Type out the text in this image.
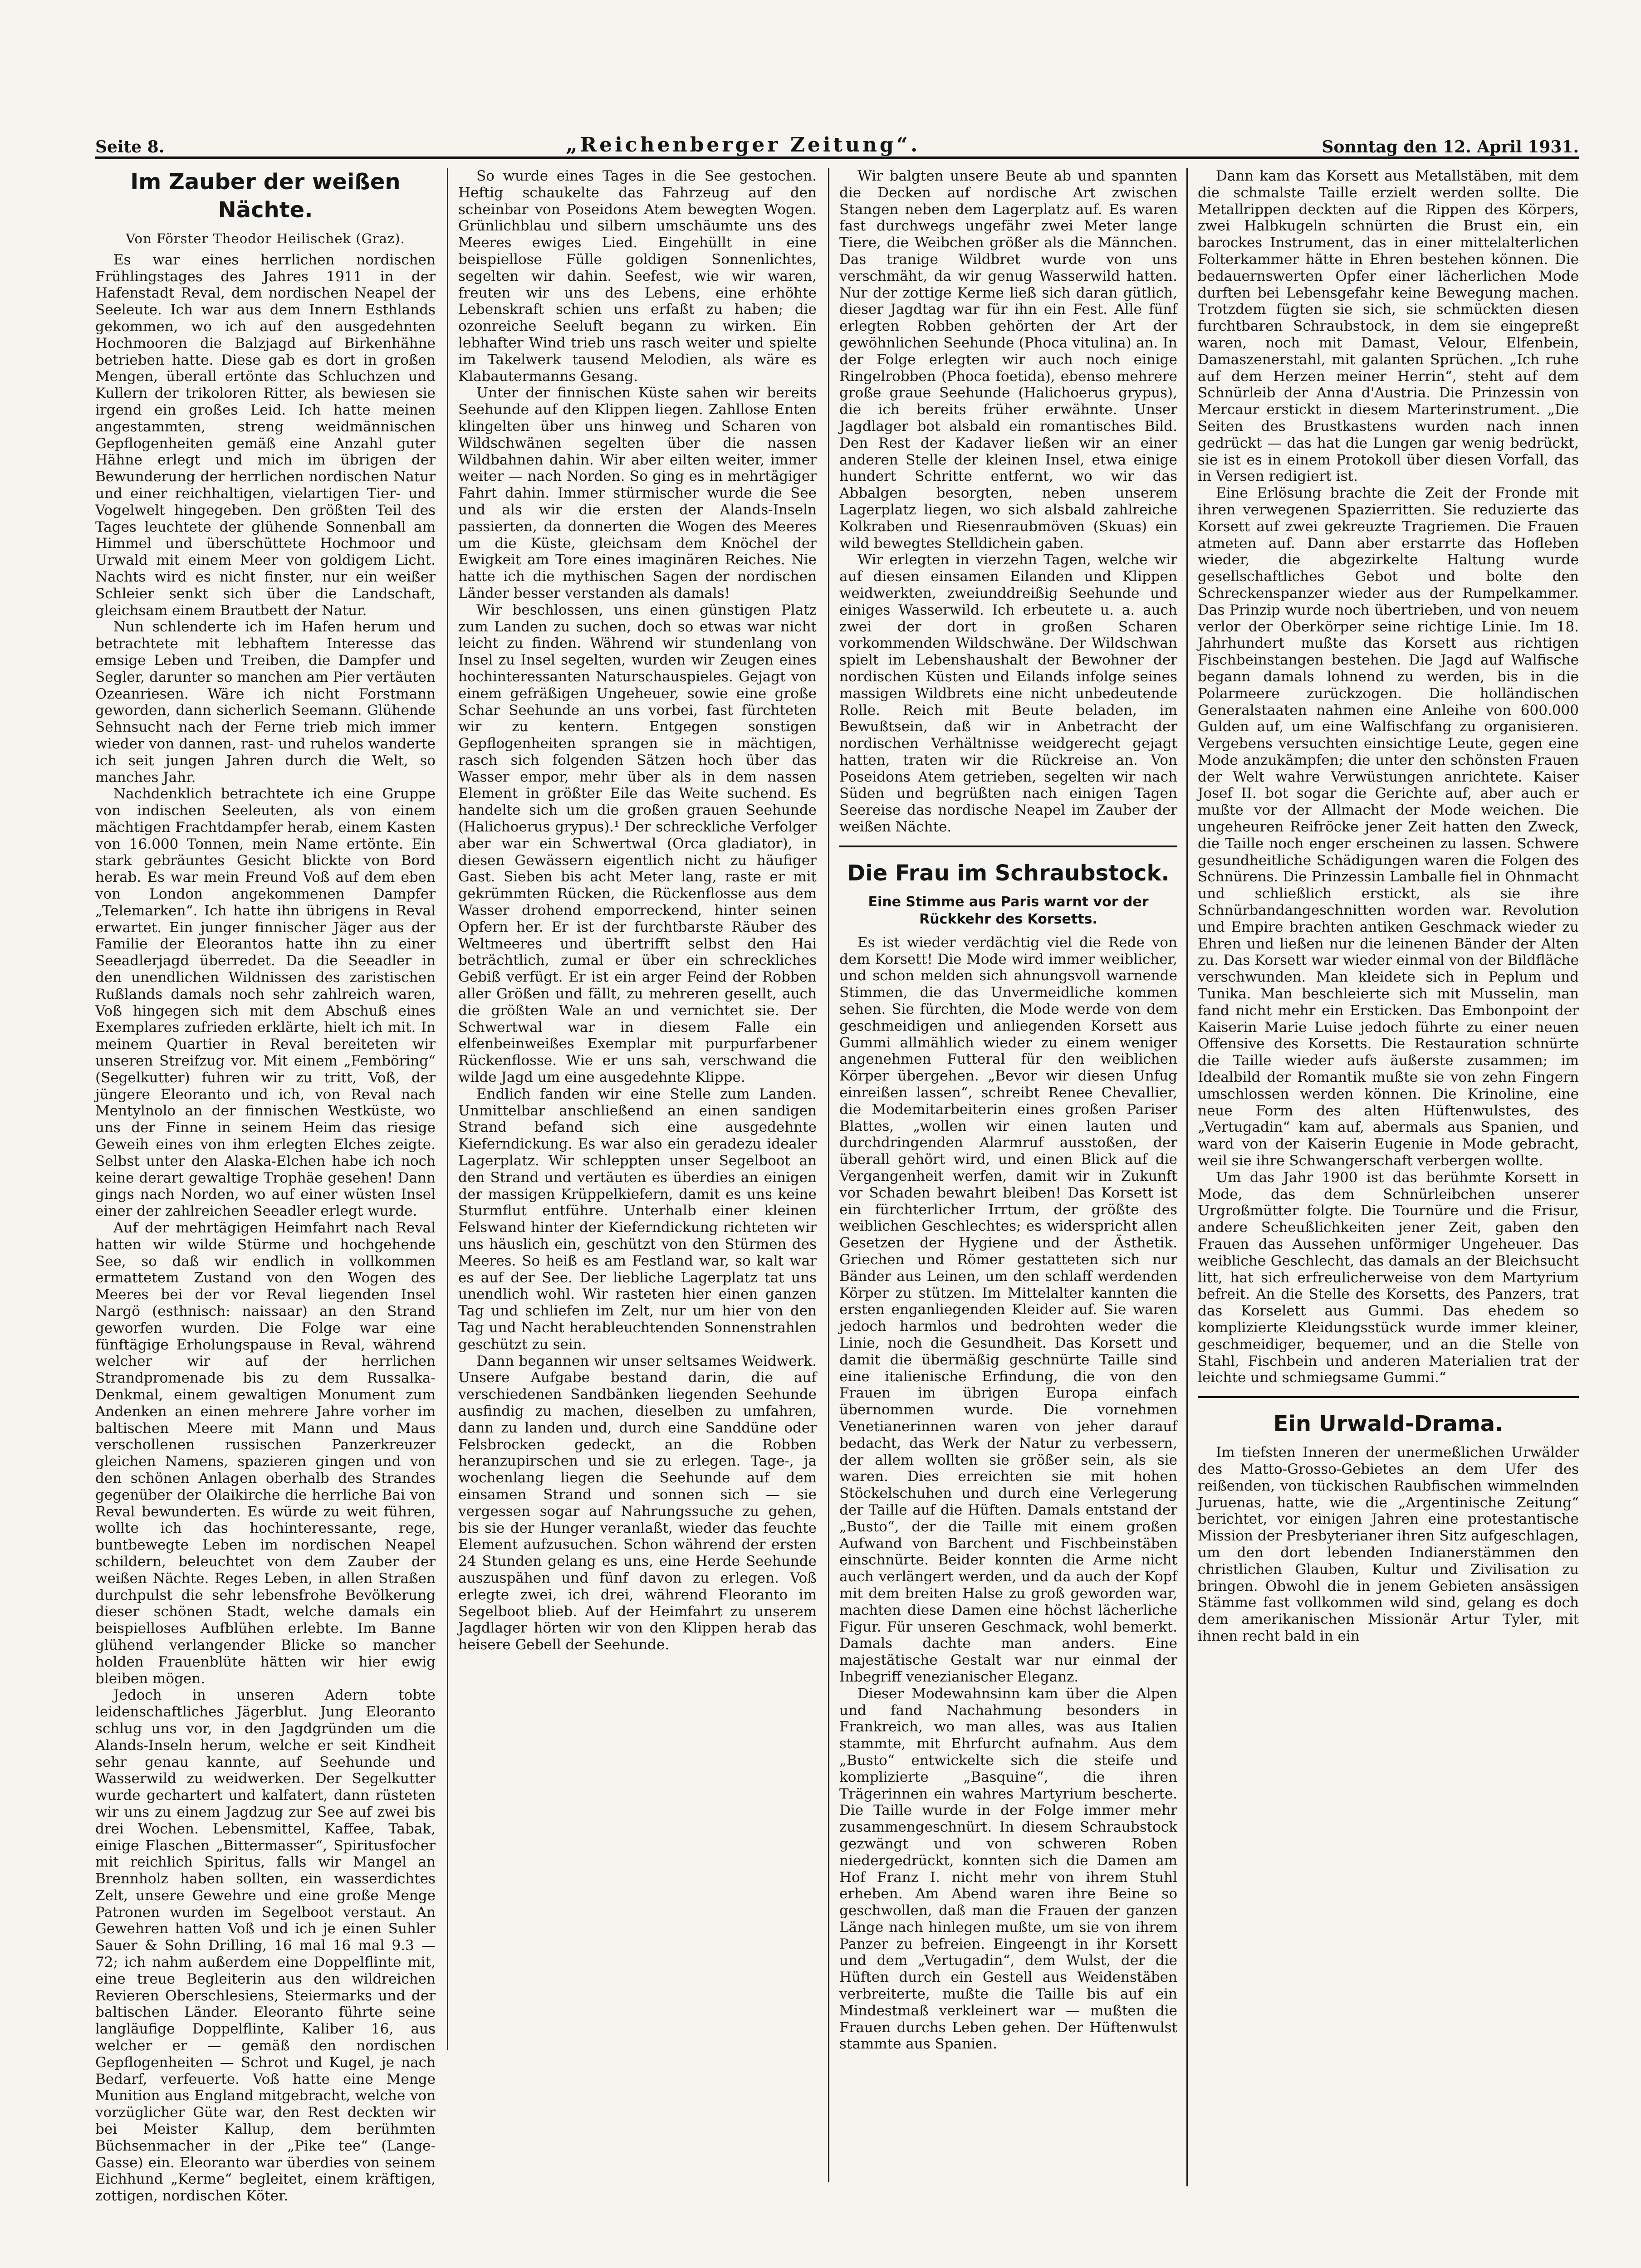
Seite 8.	„Reichenberger Zeitung“.	Sonntag den 12. April 1931.
Im Zauber der weißen Nächte.
Von Förster Theodor Heilischek (Graz).

Es war eines herrlichen nordischen Frühlingstages des Jahres 1911 in der Hafenstadt Reval, dem nordischen Neapel der Seeleute. Ich war aus dem Innern Esthlands gekommen, wo ich auf den ausgedehnten Hochmooren die Balzjagd auf Birkenhähne betrieben hatte. Diese gab es dort in großen Mengen, überall ertönte das Schluchzen und Kullern der trikoloren Ritter, als bewiesen sie irgend ein großes Leid. Ich hatte meinen angestammten, streng weidmännischen Gepflogenheiten gemäß eine Anzahl guter Hähne erlegt und mich im übrigen der Bewunderung der herrlichen nordischen Natur und einer reichhaltigen, vielartigen Tier- und Vogelwelt hingegeben. Den größten Teil des Tages leuchtete der glühende Sonnenball am Himmel und überschüttete Hochmoor und Urwald mit einem Meer von goldigem Licht. Nachts wird es nicht finster, nur ein weißer Schleier senkt sich über die Landschaft, gleichsam einem Brautbett der Natur.

Nun schlenderte ich im Hafen herum und betrachtete mit lebhaftem Interesse das emsige Leben und Treiben, die Dampfer und Segler, darunter so manchen am Pier vertäuten Ozeanriesen. Wäre ich nicht Forstmann geworden, dann sicherlich Seemann. Glühende Sehnsucht nach der Ferne trieb mich immer wieder von dannen, rast- und ruhelos wanderte ich seit jungen Jahren durch die Welt, so manches Jahr.

Nachdenklich betrachtete ich eine Gruppe von indischen Seeleuten, als von einem mächtigen Frachtdampfer herab, einem Kasten von 16.000 Tonnen, mein Name ertönte. Ein stark gebräuntes Gesicht blickte von Bord herab. Es war mein Freund Voß auf dem eben von London angekommenen Dampfer „Telemarken“. Ich hatte ihn übrigens in Reval erwartet. Ein junger finnischer Jäger aus der Familie der Eleorantos hatte ihn zu einer Seeadlerjagd überredet. Da die Seeadler in den unendlichen Wildnissen des zaristischen Rußlands damals noch sehr zahlreich waren, Voß hingegen sich mit dem Abschuß eines Exemplares zufrieden erklärte, hielt ich mit. In meinem Quartier in Reval bereiteten wir unseren Streifzug vor. Mit einem „Femböring“ (Segelkutter) fuhren wir zu tritt, Voß, der jüngere Eleoranto und ich, von Reval nach Mentylnolo an der finnischen Westküste, wo uns der Finne in seinem Heim das riesige Geweih eines von ihm erlegten Elches zeigte. Selbst unter den Alaska-Elchen habe ich noch keine derart gewaltige Trophäe gesehen! Dann gings nach Norden, wo auf einer wüsten Insel einer der zahlreichen Seeadler erlegt wurde.

Auf der mehrtägigen Heimfahrt nach Reval hatten wir wilde Stürme und hochgehende See, so daß wir endlich in vollkommen ermattetem Zustand von den Wogen des Meeres bei der vor Reval liegenden Insel Nargö (esthnisch: naissaar) an den Strand geworfen wurden. Die Folge war eine fünftägige Erholungspause in Reval, während welcher wir auf der herrlichen Strandpromenade bis zu dem Russalka-Denkmal, einem gewaltigen Monument zum Andenken an einen mehrere Jahre vorher im baltischen Meere mit Mann und Maus verschollenen russischen Panzerkreuzer gleichen Namens, spazieren gingen und von den schönen Anlagen oberhalb des Strandes gegenüber der Olaikirche die herrliche Bai von Reval bewunderten. Es würde zu weit führen, wollte ich das hochinteressante, rege, buntbewegte Leben im nordischen Neapel schildern, beleuchtet von dem Zauber der weißen Nächte. Reges Leben, in allen Straßen durchpulst die sehr lebensfrohe Bevölkerung dieser schönen Stadt, welche damals ein beispielloses Aufblühen erlebte. Im Banne glühend verlangender Blicke so mancher holden Frauenblüte hätten wir hier ewig bleiben mögen.

Jedoch in unseren Adern tobte leidenschaftliches Jägerblut. Jung Eleoranto schlug uns vor, in den Jagdgründen um die Alands-Inseln herum, welche er seit Kindheit sehr genau kannte, auf Seehunde und Wasserwild zu weidwerken. Der Segelkutter wurde gechartert und kalfatert, dann rüsteten wir uns zu einem Jagdzug zur See auf zwei bis drei Wochen. Lebensmittel, Kaffee, Tabak, einige Flaschen „Bittermasser“, Spiritusfocher mit reichlich Spiritus, falls wir Mangel an Brennholz haben sollten, ein wasserdichtes Zelt, unsere Gewehre und eine große Menge Patronen wurden im Segelboot verstaut. An Gewehren hatten Voß und ich je einen Suhler Sauer & Sohn Drilling, 16 mal 16 mal 9.3 — 72; ich nahm außerdem eine Doppelflinte mit, eine treue Begleiterin aus den wildreichen Revieren Oberschlesiens, Steiermarks und der baltischen Länder. Eleoranto führte seine langläufige Doppelflinte, Kaliber 16, aus welcher er — gemäß den nordischen Gepflogenheiten — Schrot und Kugel, je nach Bedarf, verfeuerte. Voß hatte eine Menge Munition aus England mitgebracht, welche von vorzüglicher Güte war, den Rest deckten wir bei Meister Kallup, dem berühmten Büchsenmacher in der „Pike tee“ (Lange-Gasse) ein. Eleoranto war überdies von seinem Eichhund „Kerme“ begleitet, einem kräftigen, zottigen, nordischen Köter.

So wurde eines Tages in die See gestochen. Heftig schaukelte das Fahrzeug auf den scheinbar von Poseidons Atem bewegten Wogen. Grünlichblau und silbern umschäumte uns des Meeres ewiges Lied. Eingehüllt in eine beispiellose Fülle goldigen Sonnenlichtes, segelten wir dahin. Seefest, wie wir waren, freuten wir uns des Lebens, eine erhöhte Lebenskraft schien uns erfaßt zu haben; die ozonreiche Seeluft begann zu wirken. Ein lebhafter Wind trieb uns rasch weiter und spielte im Takelwerk tausend Melodien, als wäre es Klabautermanns Gesang.

Unter der finnischen Küste sahen wir bereits Seehunde auf den Klippen liegen. Zahllose Enten klingelten über uns hinweg und Scharen von Wildschwänen segelten über die nassen Wildbahnen dahin. Wir aber eilten weiter, immer weiter — nach Norden. So ging es in mehrtägiger Fahrt dahin. Immer stürmischer wurde die See und als wir die ersten der Alands-Inseln passierten, da donnerten die Wogen des Meeres um die Küste, gleichsam dem Knöchel der Ewigkeit am Tore eines imaginären Reiches. Nie hatte ich die mythischen Sagen der nordischen Länder besser verstanden als damals!

Wir beschlossen, uns einen günstigen Platz zum Landen zu suchen, doch so etwas war nicht leicht zu finden. Während wir stundenlang von Insel zu Insel segelten, wurden wir Zeugen eines hochinteressanten Naturschauspieles. Gejagt von einem gefräßigen Ungeheuer, sowie eine große Schar Seehunde an uns vorbei, fast fürchteten wir zu kentern. Entgegen sonstigen Gepflogenheiten sprangen sie in mächtigen, rasch sich folgenden Sätzen hoch über das Wasser empor, mehr über als in dem nassen Element in größter Eile das Weite suchend. Es handelte sich um die großen grauen Seehunde (Halichoerus grypus).¹ Der schreckliche Verfolger aber war ein Schwertwal (Orca gladiator), in diesen Gewässern eigentlich nicht zu häufiger Gast. Sieben bis acht Meter lang, raste er mit gekrümmten Rücken, die Rückenflosse aus dem Wasser drohend emporreckend, hinter seinen Opfern her. Er ist der furchtbarste Räuber des Weltmeeres und übertrifft selbst den Hai beträchtlich, zumal er über ein schreckliches Gebiß verfügt. Er ist ein arger Feind der Robben aller Größen und fällt, zu mehreren gesellt, auch die größten Wale an und vernichtet sie. Der Schwertwal war in diesem Falle ein elfenbeinweißes Exemplar mit purpurfarbener Rückenflosse. Wie er uns sah, verschwand die wilde Jagd um eine ausgedehnte Klippe.

Endlich fanden wir eine Stelle zum Landen. Unmittelbar anschließend an einen sandigen Strand befand sich eine ausgedehnte Kieferndickung. Es war also ein geradezu idealer Lagerplatz. Wir schleppten unser Segelboot an den Strand und vertäuten es überdies an einigen der massigen Krüppelkiefern, damit es uns keine Sturmflut entführe. Unterhalb einer kleinen Felswand hinter der Kieferndickung richteten wir uns häuslich ein, geschützt von den Stürmen des Meeres. So heiß es am Festland war, so kalt war es auf der See. Der liebliche Lagerplatz tat uns unendlich wohl. Wir rasteten hier einen ganzen Tag und schliefen im Zelt, nur um hier von den Tag und Nacht herableuchtenden Sonnenstrahlen geschützt zu sein.

Dann begannen wir unser seltsames Weidwerk. Unsere Aufgabe bestand darin, die auf verschiedenen Sandbänken liegenden Seehunde ausfindig zu machen, dieselben zu umfahren, dann zu landen und, durch eine Sanddüne oder Felsbrocken gedeckt, an die Robben heranzupirschen und sie zu erlegen. Tage-, ja wochenlang liegen die Seehunde auf dem einsamen Strand und sonnen sich — sie vergessen sogar auf Nahrungssuche zu gehen, bis sie der Hunger veranlaßt, wieder das feuchte Element aufzusuchen. Schon während der ersten 24 Stunden gelang es uns, eine Herde Seehunde auszuspähen und fünf davon zu erlegen. Voß erlegte zwei, ich drei, während Fleoranto im Segelboot blieb. Auf der Heimfahrt zu unserem Jagdlager hörten wir von den Klippen herab das heisere Gebell der Seehunde.

Wir balgten unsere Beute ab und spannten die Decken auf nordische Art zwischen Stangen neben dem Lagerplatz auf. Es waren fast durchwegs ungefähr zwei Meter lange Tiere, die Weibchen größer als die Männchen. Das tranige Wildbret wurde von uns verschmäht, da wir genug Wasserwild hatten. Nur der zottige Kerme ließ sich daran gütlich, dieser Jagdtag war für ihn ein Fest. Alle fünf erlegten Robben gehörten der Art der gewöhnlichen Seehunde (Phoca vitulina) an. In der Folge erlegten wir auch noch einige Ringelrobben (Phoca foetida), ebenso mehrere große graue Seehunde (Halichoerus grypus), die ich bereits früher erwähnte. Unser Jagdlager bot alsbald ein romantisches Bild. Den Rest der Kadaver ließen wir an einer anderen Stelle der kleinen Insel, etwa einige hundert Schritte entfernt, wo wir das Abbalgen besorgten, neben unserem Lagerplatz liegen, wo sich alsbald zahlreiche Kolkraben und Riesenraubmöven (Skuas) ein wild bewegtes Stelldichein gaben.

Wir erlegten in vierzehn Tagen, welche wir auf diesen einsamen Eilanden und Klippen weidwerkten, zweiunddreißig Seehunde und einiges Wasserwild. Ich erbeutete u. a. auch zwei der dort in großen Scharen vorkommenden Wildschwäne. Der Wildschwan spielt im Lebenshaushalt der Bewohner der nordischen Küsten und Eilands infolge seines massigen Wildbrets eine nicht unbedeutende Rolle. Reich mit Beute beladen, im Bewußtsein, daß wir in Anbetracht der nordischen Verhältnisse weidgerecht gejagt hatten, traten wir die Rückreise an. Von Poseidons Atem getrieben, segelten wir nach Süden und begrüßten nach einigen Tagen Seereise das nordische Neapel im Zauber der weißen Nächte.

Die Frau im Schraubstock.
Eine Stimme aus Paris warnt vor der Rückkehr des Korsetts.

Es ist wieder verdächtig viel die Rede von dem Korsett! Die Mode wird immer weiblicher, und schon melden sich ahnungsvoll warnende Stimmen, die das Unvermeidliche kommen sehen. Sie fürchten, die Mode werde von dem geschmeidigen und anliegenden Korsett aus Gummi allmählich wieder zu einem weniger angenehmen Futteral für den weiblichen Körper übergehen. „Bevor wir diesen Unfug einreißen lassen“, schreibt Renee Chevallier, die Modemitarbeiterin eines großen Pariser Blattes, „wollen wir einen lauten und durchdringenden Alarmruf ausstoßen, der überall gehört wird, und einen Blick auf die Vergangenheit werfen, damit wir in Zukunft vor Schaden bewahrt bleiben! Das Korsett ist ein fürchterlicher Irrtum, der größte des weiblichen Geschlechtes; es widerspricht allen Gesetzen der Hygiene und der Ästhetik. Griechen und Römer gestatteten sich nur Bänder aus Leinen, um den schlaff werdenden Körper zu stützen. Im Mittelalter kannten die ersten enganliegenden Kleider auf. Sie waren jedoch harmlos und bedrohten weder die Linie, noch die Gesundheit. Das Korsett und damit die übermäßig geschnürte Taille sind eine italienische Erfindung, die von den Frauen im übrigen Europa einfach übernommen wurde. Die vornehmen Venetianerinnen waren von jeher darauf bedacht, das Werk der Natur zu verbessern, der allem wollten sie größer sein, als sie waren. Dies erreichten sie mit hohen Stöckelschuhen und durch eine Verlegerung der Taille auf die Hüften. Damals entstand der „Busto“, der die Taille mit einem großen Aufwand von Barchent und Fischbeinstäben einschnürte. Beider konnten die Arme nicht auch verlängert werden, und da auch der Kopf mit dem breiten Halse zu groß geworden war, machten diese Damen eine höchst lächerliche Figur. Für unseren Geschmack, wohl bemerkt. Damals dachte man anders. Eine majestätische Gestalt war nur einmal der Inbegriff venezianischer Eleganz.

Dieser Modewahnsinn kam über die Alpen und fand Nachahmung besonders in Frankreich, wo man alles, was aus Italien stammte, mit Ehrfurcht aufnahm. Aus dem „Busto“ entwickelte sich die steife und komplizierte „Basquine“, die ihren Trägerinnen ein wahres Martyrium bescherte. Die Taille wurde in der Folge immer mehr zusammengeschnürt. In diesem Schraubstock gezwängt und von schweren Roben niedergedrückt, konnten sich die Damen am Hof Franz I. nicht mehr von ihrem Stuhl erheben. Am Abend waren ihre Beine so geschwollen, daß man die Frauen der ganzen Länge nach hinlegen mußte, um sie von ihrem Panzer zu befreien. Eingeengt in ihr Korsett und dem „Vertugadin“, dem Wulst, der die Hüften durch ein Gestell aus Weidenstäben verbreiterte, mußte die Taille bis auf ein Mindestmaß verkleinert war — mußten die Frauen durchs Leben gehen. Der Hüftenwulst stammte aus Spanien.

Dann kam das Korsett aus Metallstäben, mit dem die schmalste Taille erzielt werden sollte. Die Metallrippen deckten auf die Rippen des Körpers, zwei Halbkugeln schnürten die Brust ein, ein barockes Instrument, das in einer mittelalterlichen Folterkammer hätte in Ehren bestehen können. Die bedauernswerten Opfer einer lächerlichen Mode durften bei Lebensgefahr keine Bewegung machen. Trotzdem fügten sie sich, sie schmückten diesen furchtbaren Schraubstock, in dem sie eingepreßt waren, noch mit Damast, Velour, Elfenbein, Damaszenerstahl, mit galanten Sprüchen. „Ich ruhe auf dem Herzen meiner Herrin“, steht auf dem Schnürleib der Anna d'Austria. Die Prinzessin von Mercaur erstickt in diesem Marterinstrument. „Die Seiten des Brustkastens wurden nach innen gedrückt — das hat die Lungen gar wenig bedrückt, sie ist es in einem Protokoll über diesen Vorfall, das in Versen redigiert ist.

Eine Erlösung brachte die Zeit der Fronde mit ihren verwegenen Spazierritten. Sie reduzierte das Korsett auf zwei gekreuzte Tragriemen. Die Frauen atmeten auf. Dann aber erstarrte das Hofleben wieder, die abgezirkelte Haltung wurde gesellschaftliches Gebot und bolte den Schreckenspanzer wieder aus der Rumpelkammer. Das Prinzip wurde noch übertrieben, und von neuem verlor der Oberkörper seine richtige Linie. Im 18. Jahrhundert mußte das Korsett aus richtigen Fischbeinstangen bestehen. Die Jagd auf Walfische begann damals lohnend zu werden, bis in die Polarmeere zurückzogen. Die holländischen Generalstaaten nahmen eine Anleihe von 600.000 Gulden auf, um eine Walfischfang zu organisieren. Vergebens versuchten einsichtige Leute, gegen eine Mode anzukämpfen; die unter den schönsten Frauen der Welt wahre Verwüstungen anrichtete. Kaiser Josef II. bot sogar die Gerichte auf, aber auch er mußte vor der Allmacht der Mode weichen. Die ungeheuren Reifröcke jener Zeit hatten den Zweck, die Taille noch enger erscheinen zu lassen. Schwere gesundheitliche Schädigungen waren die Folgen des Schnürens. Die Prinzessin Lamballe fiel in Ohnmacht und schließlich erstickt, als sie ihre Schnürbandangeschnitten worden war. Revolution und Empire brachten antiken Geschmack wieder zu Ehren und ließen nur die leinenen Bänder der Alten zu. Das Korsett war wieder einmal von der Bildfläche verschwunden. Man kleidete sich in Peplum und Tunika. Man beschleierte sich mit Musselin, man fand nicht mehr ein Ersticken. Das Embonpoint der Kaiserin Marie Luise jedoch führte zu einer neuen Offensive des Korsetts. Die Restauration schnürte die Taille wieder aufs äußerste zusammen; im Idealbild der Romantik mußte sie von zehn Fingern umschlossen werden können. Die Krinoline, eine neue Form des alten Hüftenwulstes, des „Vertugadin“ kam auf, abermals aus Spanien, und ward von der Kaiserin Eugenie in Mode gebracht, weil sie ihre Schwangerschaft verbergen wollte.

Um das Jahr 1900 ist das berühmte Korsett in Mode, das dem Schnürleibchen unserer Urgroßmütter folgte. Die Tournüre und die Frisur, andere Scheußlichkeiten jener Zeit, gaben den Frauen das Aussehen unförmiger Ungeheuer. Das weibliche Geschlecht, das damals an der Bleichsucht litt, hat sich erfreulicherweise von dem Martyrium befreit. An die Stelle des Korsetts, des Panzers, trat das Korselett aus Gummi. Das ehedem so komplizierte Kleidungsstück wurde immer kleiner, geschmeidiger, bequemer, und an die Stelle von Stahl, Fischbein und anderen Materialien trat der leichte und schmiegsame Gummi.“

Ein Urwald-Drama.

Im tiefsten Inneren der unermeßlichen Urwälder des Matto-Grosso-Gebietes an dem Ufer des reißenden, von tückischen Raubfischen wimmelnden Juruenas, hatte, wie die „Argentinische Zeitung“ berichtet, vor einigen Jahren eine protestantische Mission der Presbyterianer ihren Sitz aufgeschlagen, um den dort lebenden Indianerstämmen den christlichen Glauben, Kultur und Zivilisation zu bringen. Obwohl die in jenem Gebieten ansässigen Stämme fast vollkommen wild sind, gelang es doch dem amerikanischen Missionär Artur Tyler, mit ihnen recht bald in ein
